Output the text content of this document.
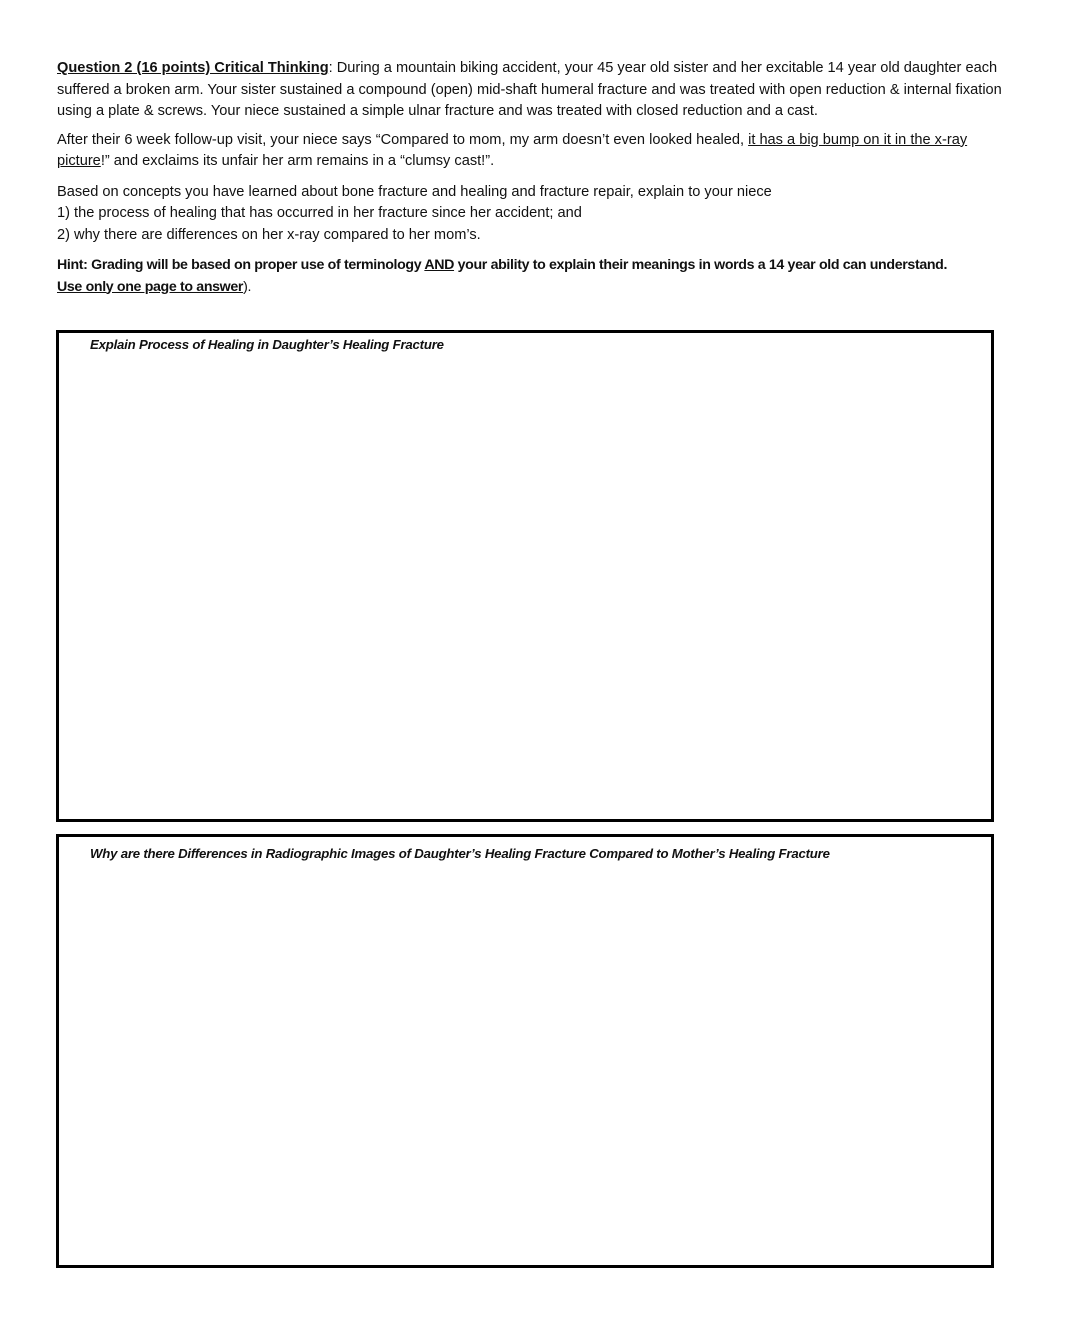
Question 2 (16 points) Critical Thinking: During a mountain biking accident, your 45 year old sister and her excitable 14 year old daughter each suffered a broken arm. Your sister sustained a compound (open) mid-shaft humeral fracture and was treated with open reduction & internal fixation using a plate & screws. Your niece sustained a simple ulnar fracture and was treated with closed reduction and a cast.

After their 6 week follow-up visit, your niece says “Compared to mom, my arm doesn’t even looked healed, it has a big bump on it in the x-ray picture!” and exclaims its unfair her arm remains in a “clumsy cast!”.

Based on concepts you have learned about bone fracture and healing and fracture repair, explain to your niece
1) the process of healing that has occurred in her fracture since her accident; and
2) why there are differences on her x-ray compared to her mom’s.

Hint: Grading will be based on proper use of terminology AND your ability to explain their meanings in words a 14 year old can understand.
Use only one page to answer).

Explain Process of Healing in Daughter’s Healing Fracture
Why are there Differences in Radiographic Images of Daughter’s Healing Fracture Compared to Mother’s Healing Fracture
